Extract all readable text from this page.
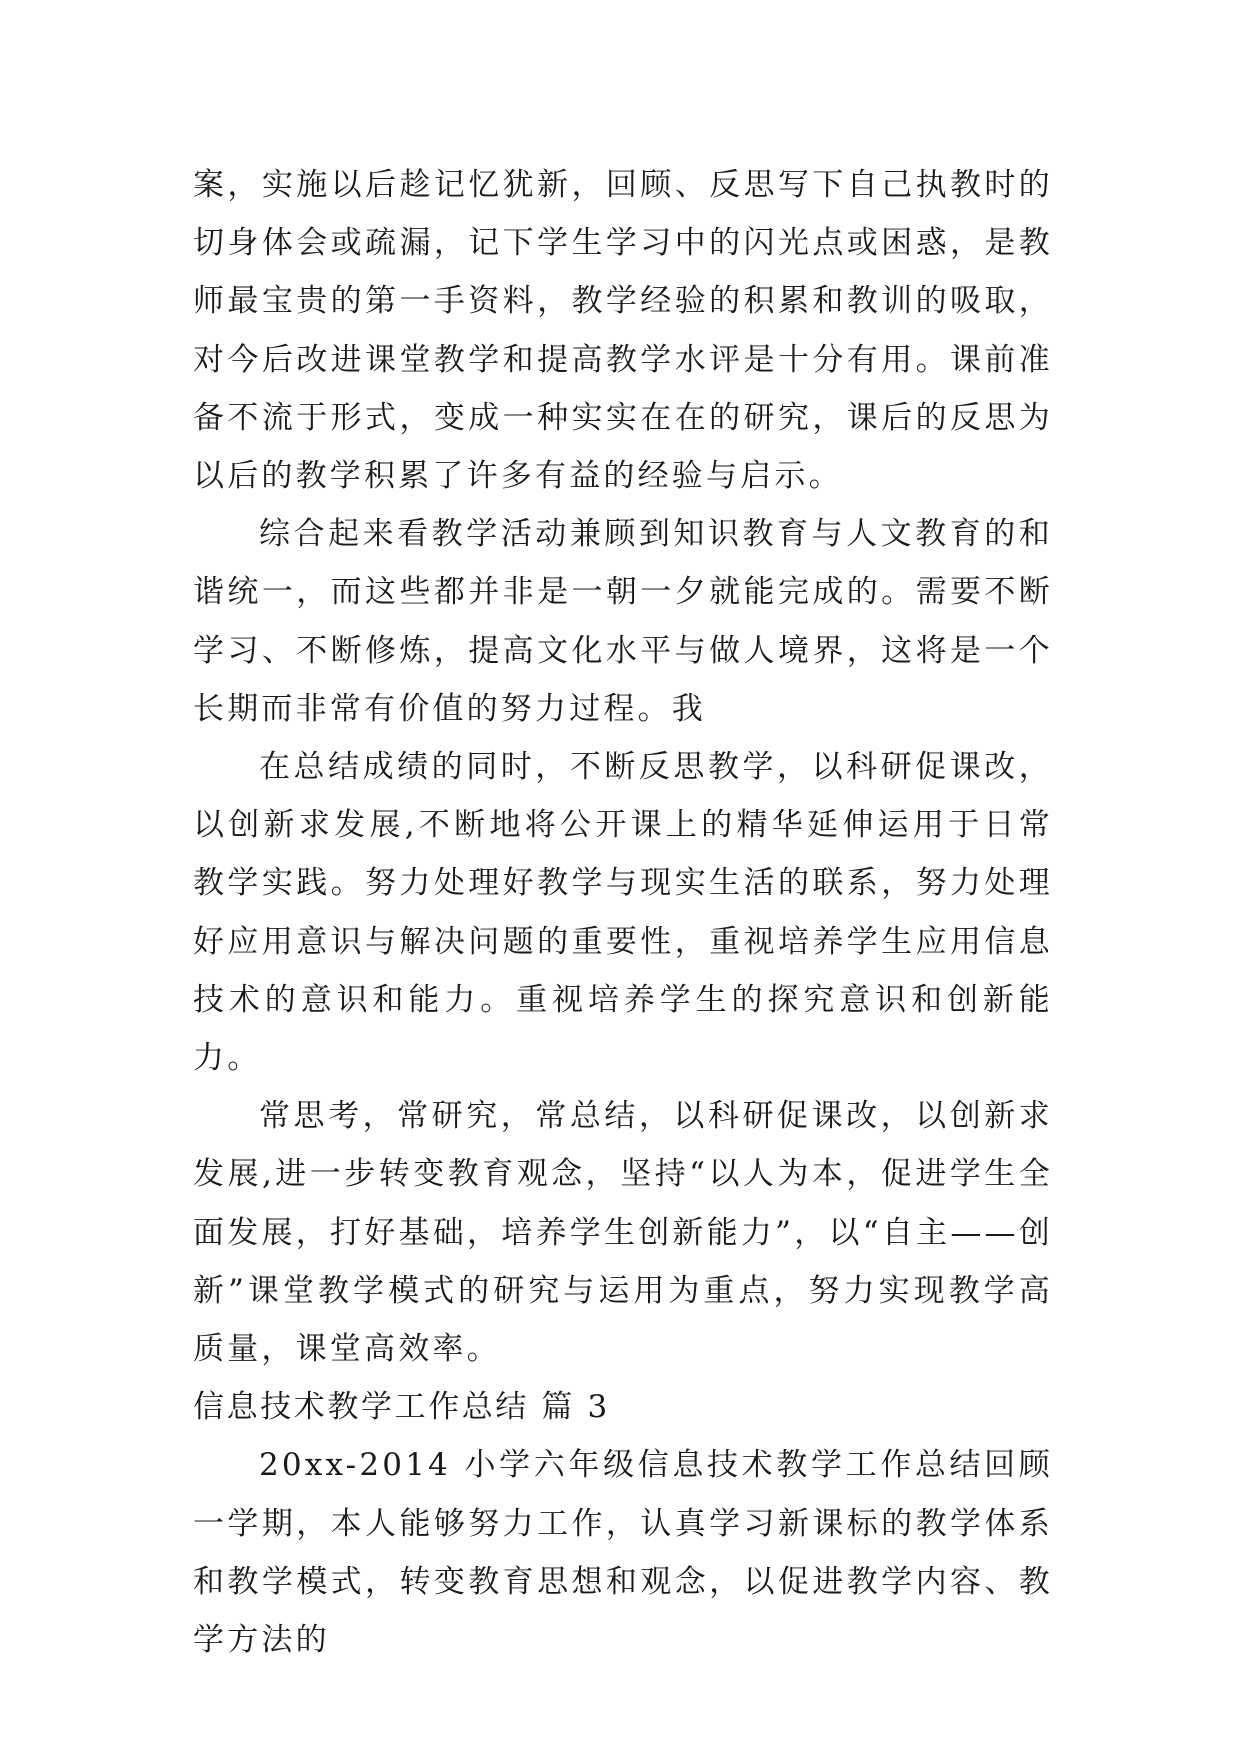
案，实施以后趁记忆犹新，回顾、反思写下自己执教时的切身体会或疏漏，记下学生学习中的闪光点或困惑，是教师最宝贵的第一手资料，教学经验的积累和教训的吸取，对今后改进课堂教学和提高教学水评是十分有用。课前准备不流于形式，变成一种实实在在的研究，课后的反思为以后的教学积累了许多有益的经验与启示。

综合起来看教学活动兼顾到知识教育与人文教育的和谐统一，而这些都并非是一朝一夕就能完成的。需要不断学习、不断修炼，提高文化水平与做人境界，这将是一个长期而非常有价值的努力过程。我

在总结成绩的同时，不断反思教学，以科研促课改，以创新求发展,不断地将公开课上的精华延伸运用于日常教学实践。努力处理好教学与现实生活的联系，努力处理好应用意识与解决问题的重要性，重视培养学生应用信息技术的意识和能力。重视培养学生的探究意识和创新能力。

常思考，常研究，常总结，以科研促课改，以创新求发展,进一步转变教育观念，坚持“以人为本，促进学生全面发展，打好基础，培养学生创新能力”，以“自主——创新”课堂教学模式的研究与运用为重点，努力实现教学高质量，课堂高效率。

信息技术教学工作总结 篇 3

20xx-2014 小学六年级信息技术教学工作总结回顾一学期，本人能够努力工作，认真学习新课标的教学体系和教学模式，转变教育思想和观念，以促进教学内容、教学方法的
